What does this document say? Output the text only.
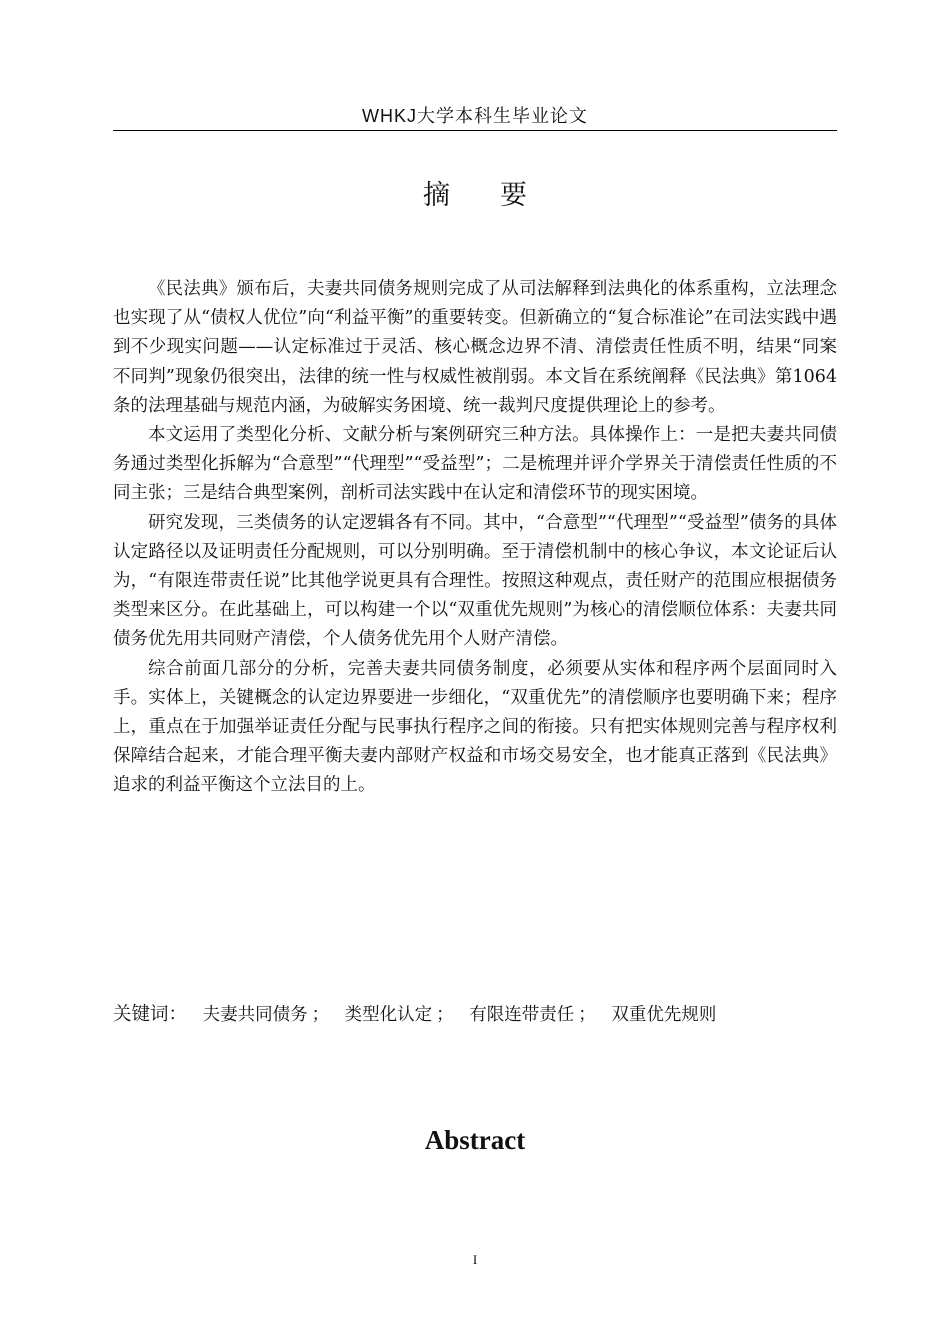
WHKJ大学本科生毕业论文
摘 要

《民法典》颁布后，夫妻共同债务规则完成了从司法解释到法典化的体系重构，立法理念也实现了从“债权人优位”向“利益平衡”的重要转变。但新确立的“复合标准论”在司法实践中遇到不少现实问题——认定标准过于灵活、核心概念边界不清、清偿责任性质不明，结果“同案不同判”现象仍很突出，法律的统一性与权威性被削弱。本文旨在系统阐释《民法典》第1064条的法理基础与规范内涵，为破解实务困境、统一裁判尺度提供理论上的参考。

本文运用了类型化分析、文献分析与案例研究三种方法。具体操作上：一是把夫妻共同债务通过类型化拆解为“合意型”“代理型”“受益型”；二是梳理并评介学界关于清偿责任性质的不同主张；三是结合典型案例，剖析司法实践中在认定和清偿环节的现实困境。

研究发现，三类债务的认定逻辑各有不同。其中，“合意型”“代理型”“受益型”债务的具体认定路径以及证明责任分配规则，可以分别明确。至于清偿机制中的核心争议，本文论证后认为，“有限连带责任说”比其他学说更具有合理性。按照这种观点，责任财产的范围应根据债务类型来区分。在此基础上，可以构建一个以“双重优先规则”为核心的清偿顺位体系：夫妻共同债务优先用共同财产清偿，个人债务优先用个人财产清偿。

综合前面几部分的分析，完善夫妻共同债务制度，必须要从实体和程序两个层面同时入手。实体上，关键概念的认定边界要进一步细化，“双重优先”的清偿顺序也要明确下来；程序上，重点在于加强举证责任分配与民事执行程序之间的衔接。只有把实体规则完善与程序权利保障结合起来，才能合理平衡夫妻内部财产权益和市场交易安全，也才能真正落到《民法典》追求的利益平衡这个立法目的上。

关键词： 夫妻共同债务 ； 类型化认定 ； 有限连带责任 ； 双重优先规则
Abstract
I
